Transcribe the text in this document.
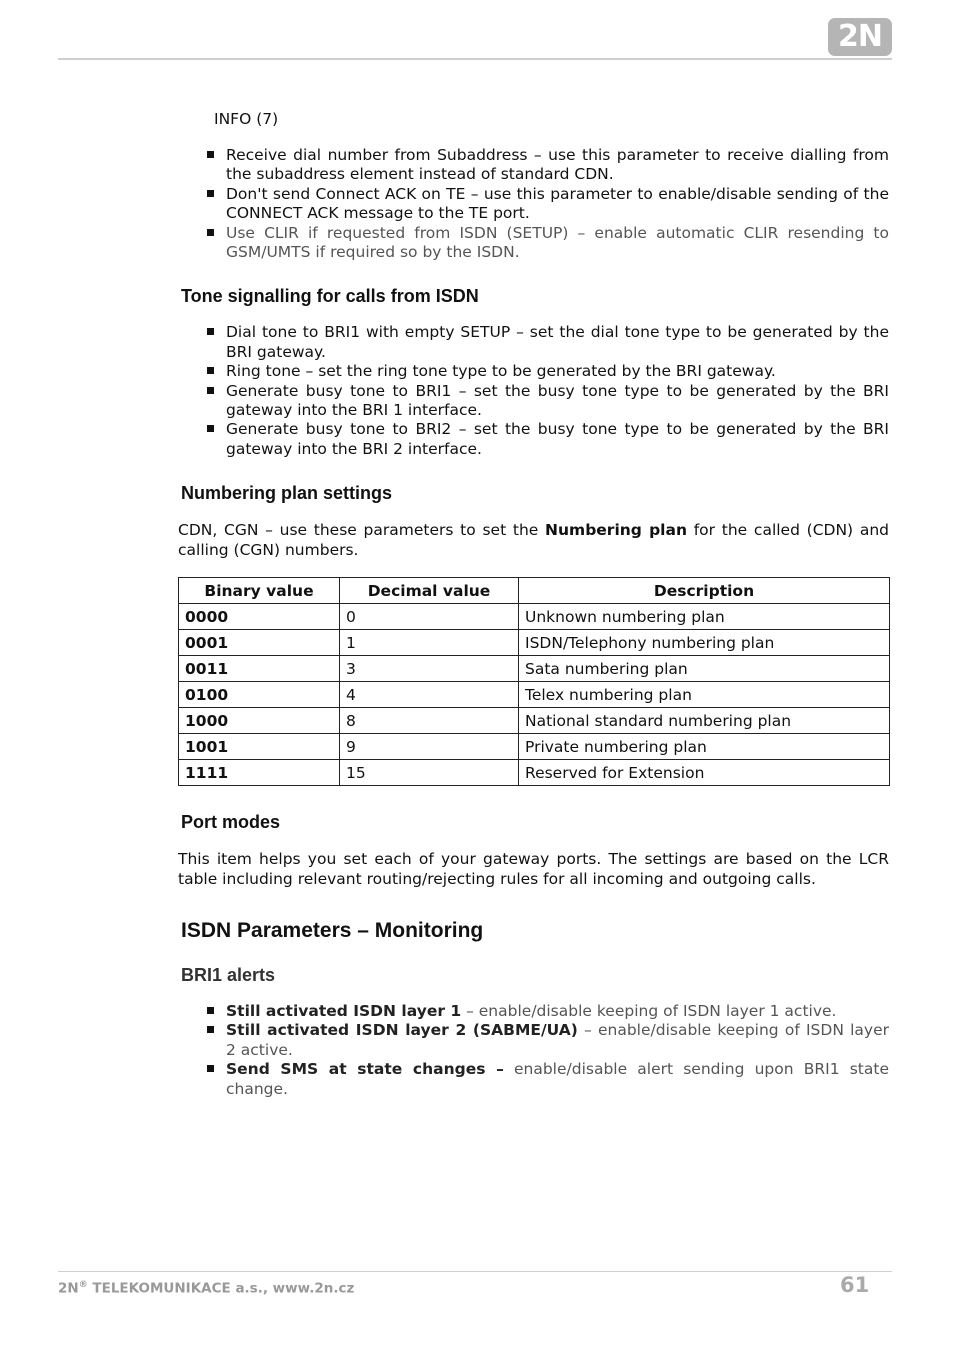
2N
INFO (7)
Receive dial number from Subaddress – use this parameter to receive dialling from the subaddress element instead of standard CDN.
Don't send Connect ACK on TE – use this parameter to enable/disable sending of the CONNECT ACK message to the TE port.
Use CLIR if requested from ISDN (SETUP) – enable automatic CLIR resending to GSM/UMTS if required so by the ISDN.
Tone signalling for calls from ISDN
Dial tone to BRI1 with empty SETUP – set the dial tone type to be generated by the BRI gateway.
Ring tone – set the ring tone type to be generated by the BRI gateway.
Generate busy tone to BRI1 – set the busy tone type to be generated by the BRI gateway into the BRI 1 interface.
Generate busy tone to BRI2 – set the busy tone type to be generated by the BRI gateway into the BRI 2 interface.
Numbering plan settings

CDN, CGN – use these parameters to set the Numbering plan for the called (CDN) and calling (CGN) numbers.

Binary value	Decimal value	Description
0000	0	Unknown numbering plan
0001	1	ISDN/Telephony numbering plan
0011	3	Sata numbering plan
0100	4	Telex numbering plan
1000	8	National standard numbering plan
1001	9	Private numbering plan
1111	15	Reserved for Extension
Port modes

This item helps you set each of your gateway ports. The settings are based on the LCR table including relevant routing/rejecting rules for all incoming and outgoing calls.

ISDN Parameters – Monitoring
BRI1 alerts
Still activated ISDN layer 1 – enable/disable keeping of ISDN layer 1 active.
Still activated ISDN layer 2 (SABME/UA) – enable/disable keeping of ISDN layer 2 active.
Send SMS at state changes – enable/disable alert sending upon BRI1 state change.
2N® TELEKOMUNIKACE a.s., www.2n.cz	61
